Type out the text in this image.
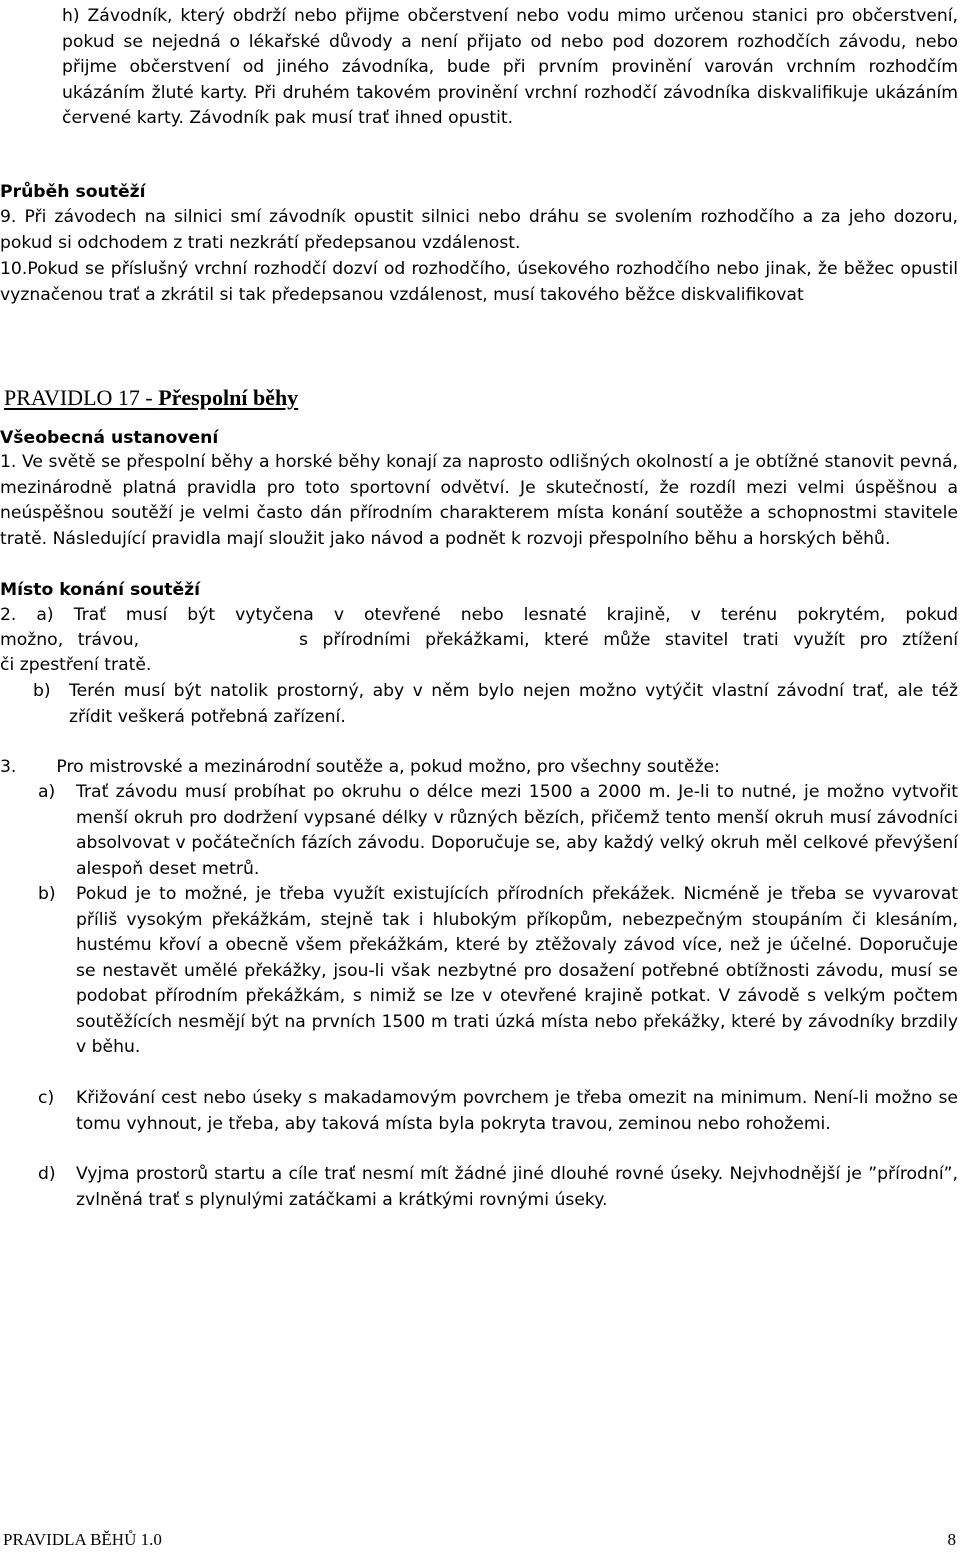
h) Závodník, který obdrží nebo přijme občerstvení nebo vodu mimo určenou stanici pro občerstvení, pokud se nejedná o lékařské důvody a není přijato od nebo pod dozorem rozhodčích závodu, nebo přijme občerstvení od jiného závodníka, bude při prvním provinění varován vrchním rozhodčím ukázáním žluté karty. Při druhém takovém provinění vrchní rozhodčí závodníka diskvalifikuje ukázáním červené karty. Závodník pak musí trať ihned opustit.
Průběh soutěží
9. Při závodech na silnici smí závodník opustit silnici nebo dráhu se svolením rozhodčího a za jeho dozoru, pokud si odchodem z trati nezkrátí předepsanou vzdálenost.
10.Pokud se příslušný vrchní rozhodčí dozví od rozhodčího, úsekového rozhodčího nebo jinak, že běžec opustil vyznačenou trať a zkrátil si tak předepsanou vzdálenost, musí takového běžce diskvalifikovat
PRAVIDLO 17 - Přespolní běhy
Všeobecná ustanovení
1. Ve světě se přespolní běhy a horské běhy konají za naprosto odlišných okolností a je obtížné stanovit pevná, mezinárodně platná pravidla pro toto sportovní odvětví. Je skutečností, že rozdíl mezi velmi úspěšnou a neúspěšnou soutěží je velmi často dán přírodním charakterem místa konání soutěže a schopnostmi stavitele tratě. Následující pravidla mají sloužit jako návod a podnět k rozvoji přespolního běhu a horských běhů.
Místo konání soutěží
2. a) Trať musí být vytyčena v otevřené nebo lesnaté krajině, v terénu pokrytém, pokud
možno, trávou,           s přírodními překážkami, které může stavitel trati využít pro ztížení
či zpestření tratě.
b)	Terén musí být natolik prostorný, aby v něm bylo nejen možno vytýčit vlastní závodní trať, ale též zřídit veškerá potřebná zařízení.
3. Pro mistrovské a mezinárodní soutěže a, pokud možno, pro všechny soutěže:
a)	Trať závodu musí probíhat po okruhu o délce mezi 1500 a 2000 m. Je-li to nutné, je možno vytvořit menší okruh pro dodržení vypsané délky v různých bězích, přičemž tento menší okruh musí závodníci absolvovat v počátečních fázích závodu. Doporučuje se, aby každý velký okruh měl celkové převýšení alespoň deset metrů.
b)	Pokud je to možné, je třeba využít existujících přírodních překážek. Nicméně je třeba se vyvarovat příliš vysokým překážkám, stejně tak i hlubokým příkopům, nebezpečným stoupáním či klesáním, hustému křoví a obecně všem překážkám, které by ztěžovaly závod více, než je účelné. Doporučuje se nestavět umělé překážky, jsou-li však nezbytné pro dosažení potřebné obtížnosti závodu, musí se podobat přírodním překážkám, s nimiž se lze v otevřené krajině potkat. V závodě s velkým počtem soutěžících nesmějí být na prvních 1500 m trati úzká místa nebo překážky, které by závodníky brzdily v běhu.
c)	Křižování cest nebo úseky s makadamovým povrchem je třeba omezit na minimum. Není-li možno se tomu vyhnout, je třeba, aby taková místa byla pokryta travou, zeminou nebo rohožemi.
d)	Vyjma prostorů startu a cíle trať nesmí mít žádné jiné dlouhé rovné úseky. Nejvhodnější je ”přírodní”, zvlněná trať s plynulými zatáčkami a krátkými rovnými úseky.
PRAVIDLA BĚHŮ 1.0	8
